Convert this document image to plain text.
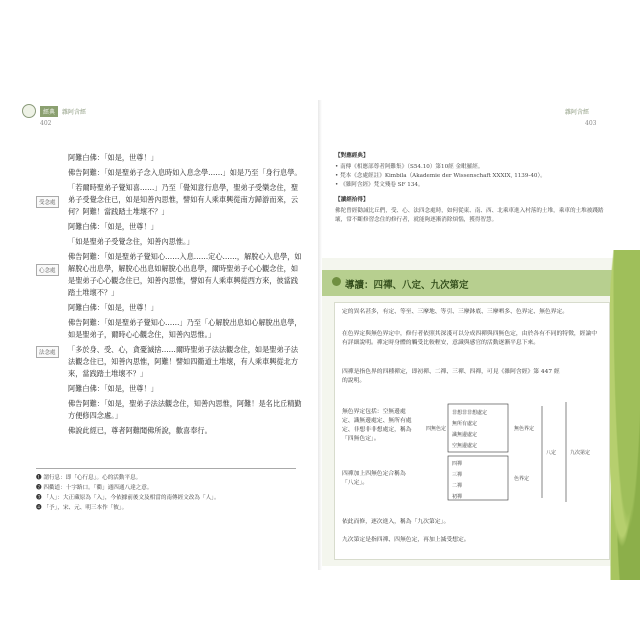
經典	雜阿含經
402
受念處
心念處
法念處

阿難白佛：「如是，世尊！」

佛告阿難：「如是聖弟子念入息時如入息念學……」如是乃至「身行息學。

「若爾時聖弟子覺知喜……」乃至「覺知意行息學，聖弟子受樂念住，聖弟子受覺念住已，如是知善內思惟，譬如有人乘車興從南方歸游而來，云何？阿難！當践踏土堆壞不？」

阿難白佛：「如是，世尊！」

「如是聖弟子受覺念住，知善內思惟。」

佛告阿難：「如是聖弟子覺知心……入息……定心……，解脫心入息學，如解脫心出息學，解脫心出息如解脫心出息學，爾時聖弟子心心觀念住，如是聖弟子心心觀念住已，知善內思惟，譬如有人乘車興從西方來，彼當践踏土堆壞不？」

阿難白佛：「如是，世尊！」

佛告阿難：「如是聖弟子覺知心……」乃至「心解脫出息如心解脫出息學，如是聖弟子，爾時心心觀念住，知善內思惟。」

「多於身、受、心，貪憂滅捨……爾時聖弟子法法觀念住，如是聖弟子法法觀念住已，知善內思惟，阿難！譬如四衢道土堆壞，有人乘車興從北方來，當践踏土堆壞不？」

阿難白佛：「如是，世尊！」

佛告阿難：「如是，聖弟子法法觀念住，知善內思惟，阿難！是名比丘精勤方便修四念處。」

佛說此經已，尊者阿難聞佛所說，歡喜奉行。

❶ 謂行息：即「心行息」。心的活動平息。
❷ 四衢道：十字路口。「衢」通四通八達之意。
❸ 「人」：大正藏原為「入」，今依據前後文及相當的南傳經文改為「人」。
❹ 「予」，宋、元、明三本作「彼」。
雜阿含經
403
【對應經典】
• 南傳《相應部尊者阿難集》（S54.10）第10經 金毗羅經。
• 梵本《念處經註》Kimbila（Akademie der Wissenschaft XXXIX, 1139-40）。
• 《雜阿含經》梵文殘卷 SF 134。
【讀經拾得】
佛陀曾經勸誡比丘們，受、心、法四念處時，如何從東、南、西、北乘車進入村落的土堆，乘車的土堆被踐踏壞，常不斷修習念住的修行者，就能夠逐漸消除煩惱，獲得智慧。
導讀：四禪、八定、九次第定
定的異名甚多，有定、等至、三摩地、等引、三摩鉢底、三摩呬多、色界定、無色界定。
在色界定與無色界定中，修行者依照其深淺可以分成四禪與四無色定，由於各有不同的特徵，經論中有詳細說明。禪定時身體的觸受比較輕安，意識與感官的活動逐漸平息下來。
四禪是指色界的四種禪定，即初禪、二禪、三禪、四禪，可見《雜阿含經》第 447 經的說明。
無色界定包括：空無邊處定、識無邊處定、無所有處定、非想非非想處定，稱為「四無色定」。
四禪加上四無色定合稱為「八定」。
依此而修，逐次進入，稱為「九次第定」。
九次第定是指四禪、四無色定，再加上滅受想定。
四無色定
非想非非想處定
無所有處定
識無邊處定
空無邊處定
四禪
三禪
二禪
初禪
無色界定
色界定
八定	九次第定
